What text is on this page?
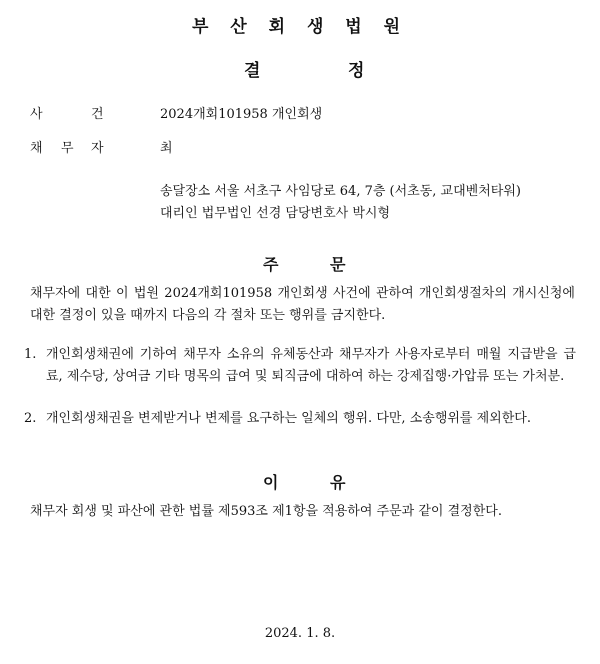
부 산 회 생 법 원
결	정
사	건	2024개회101958 개인회생
채 무 자	최
송달장소 서울 서초구 사임당로 64, 7층 (서초동, 교대벤처타워)
대리인 법무법인 선경 담당변호사 박시형
주	문
채무자에 대한 이 법원 2024개회101958 개인회생 사건에 관하여 개인회생절차의 개시신청에 대한 결정이 있을 때까지 다음의 각 절차 또는 행위를 금지한다.
1. 개인회생채권에 기하여 채무자 소유의 유체동산과 채무자가 사용자로부터 매월 지급받을 급료, 제수당, 상여금 기타 명목의 급여 및 퇴직금에 대하여 하는 강제집행·가압류 또는 가처분.
2. 개인회생채권을 변제받거나 변제를 요구하는 일체의 행위. 다만, 소송행위를 제외한다.
이	유
채무자 회생 및 파산에 관한 법률 제593조 제1항을 적용하여 주문과 같이 결정한다.
2024. 1. 8.
